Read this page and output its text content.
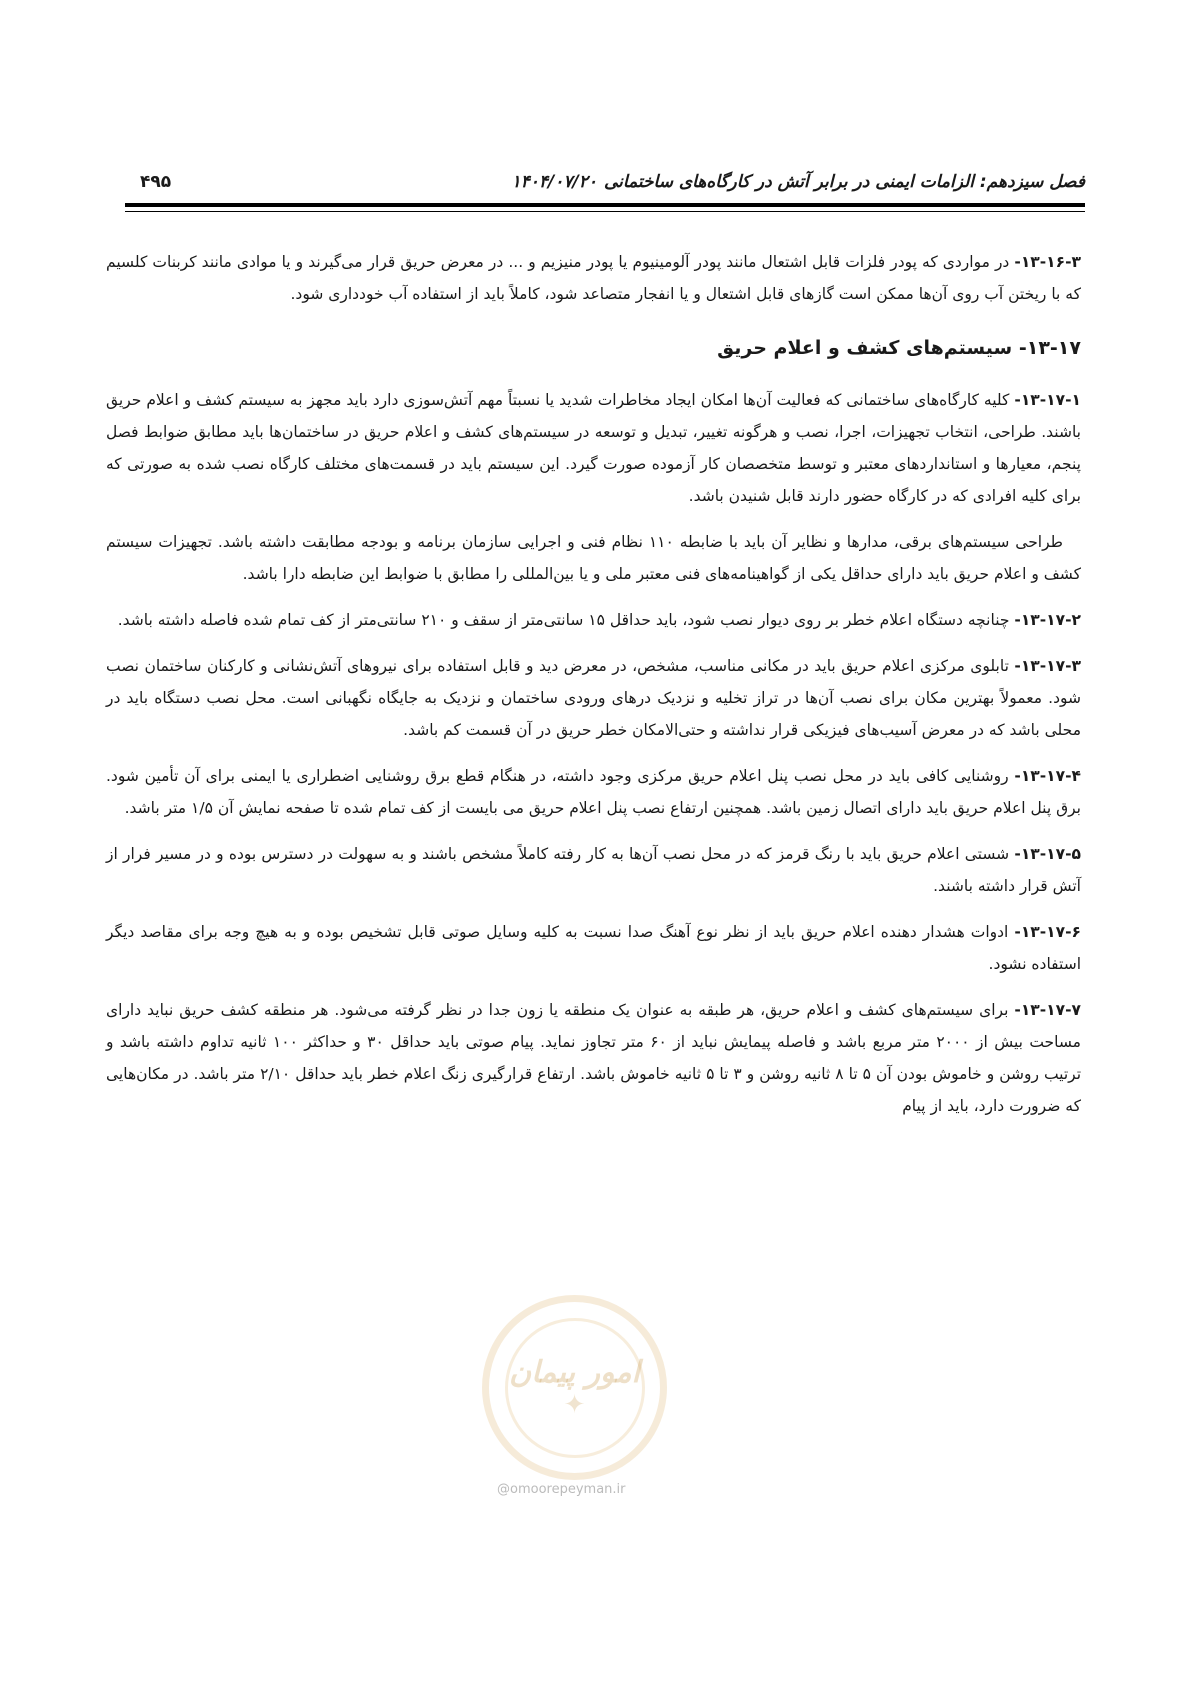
فصل سیزدهم: الزامات ایمنی در برابر آتش در کارگاه‌های ساختمانی
۱۴۰۴/۰۷/۲۰
۴۹۵

۱۳-۱۶-۳- در مواردی که پودر فلزات قابل اشتعال مانند پودر آلومینیوم یا پودر منیزیم و ... در معرض حریق قرار می‌گیرند و یا موادی مانند کربنات کلسیم که با ریختن آب روی آن‌ها ممکن است گازهای قابل اشتعال و یا انفجار متصاعد شود، کاملاً باید از استفاده آب خودداری شود.

۱۳-۱۷- سیستم‌های کشف و اعلام حریق

۱۳-۱۷-۱- کلیه کارگاه‌های ساختمانی که فعالیت آن‌ها امکان ایجاد مخاطرات شدید یا نسبتاً مهم آتش‌سوزی دارد باید مجهز به سیستم کشف و اعلام حریق باشند. طراحی، انتخاب تجهیزات، اجرا، نصب و هرگونه تغییر، تبدیل و توسعه در سیستم‌های کشف و اعلام حریق در ساختمان‌ها باید مطابق ضوابط فصل پنجم، معیارها و استانداردهای معتبر و توسط متخصصان کار آزموده صورت گیرد. این سیستم باید در قسمت‌های مختلف کارگاه نصب شده به صورتی که برای کلیه افرادی که در کارگاه حضور دارند قابل شنیدن باشد.

طراحی سیستم‌های برقی، مدارها و نظایر آن باید با ضابطه ۱۱۰ نظام فنی و اجرایی سازمان برنامه و بودجه مطابقت داشته باشد. تجهیزات سیستم کشف و اعلام حریق باید دارای حداقل یکی از گواهینامه‌های فنی معتبر ملی و یا بین‌المللی را مطابق با ضوابط این ضابطه دارا باشد.

۱۳-۱۷-۲- چنانچه دستگاه اعلام خطر بر روی دیوار نصب شود، باید حداقل ۱۵ سانتی‌متر از سقف و ۲۱۰ سانتی‌متر از کف تمام شده فاصله داشته باشد.

۱۳-۱۷-۳- تابلوی مرکزی اعلام حریق باید در مکانی مناسب، مشخص، در معرض دید و قابل استفاده برای نیروهای آتش‌نشانی و کارکنان ساختمان نصب شود. معمولاً بهترین مکان برای نصب آن‌ها در تراز تخلیه و نزدیک درهای ورودی ساختمان و نزدیک به جایگاه نگهبانی است. محل نصب دستگاه باید در محلی باشد که در معرض آسیب‌های فیزیکی قرار نداشته و حتی‌الامکان خطر حریق در آن قسمت کم باشد.

۱۳-۱۷-۴- روشنایی کافی باید در محل نصب پنل اعلام حریق مرکزی وجود داشته، در هنگام قطع برق روشنایی اضطراری یا ایمنی برای آن تأمین شود. برق پنل اعلام حریق باید دارای اتصال زمین باشد. همچنین ارتفاع نصب پنل اعلام حریق می بایست از کف تمام شده تا صفحه نمایش آن ۱/۵ متر باشد.

۱۳-۱۷-۵- شستی اعلام حریق باید با رنگ قرمز که در محل نصب آن‌ها به کار رفته کاملاً مشخص باشند و به سهولت در دسترس بوده و در مسیر فرار از آتش قرار داشته باشند.

۱۳-۱۷-۶- ادوات هشدار دهنده اعلام حریق باید از نظر نوع آهنگ صدا نسبت به کلیه وسایل صوتی قابل تشخیص بوده و به هیچ وجه برای مقاصد دیگر استفاده نشود.

۱۳-۱۷-۷- برای سیستم‌های کشف و اعلام حریق، هر طبقه به عنوان یک منطقه یا زون جدا در نظر گرفته می‌شود. هر منطقه کشف حریق نباید دارای مساحت بیش از ۲۰۰۰ متر مربع باشد و فاصله پیمایش نباید از ۶۰ متر تجاوز نماید. پیام صوتی باید حداقل ۳۰ و حداکثر ۱۰۰ ثانیه تداوم داشته باشد و ترتیب روشن و خاموش بودن آن ۵ تا ۸ ثانیه روشن و ۳ تا ۵ ثانیه خاموش باشد. ارتفاع قرارگیری زنگ اعلام خطر باید حداقل ۲/۱۰ متر باشد. در مکان‌هایی که ضرورت دارد، باید از پیام

امور پیمان
✦
@omoorepeyman.ir
